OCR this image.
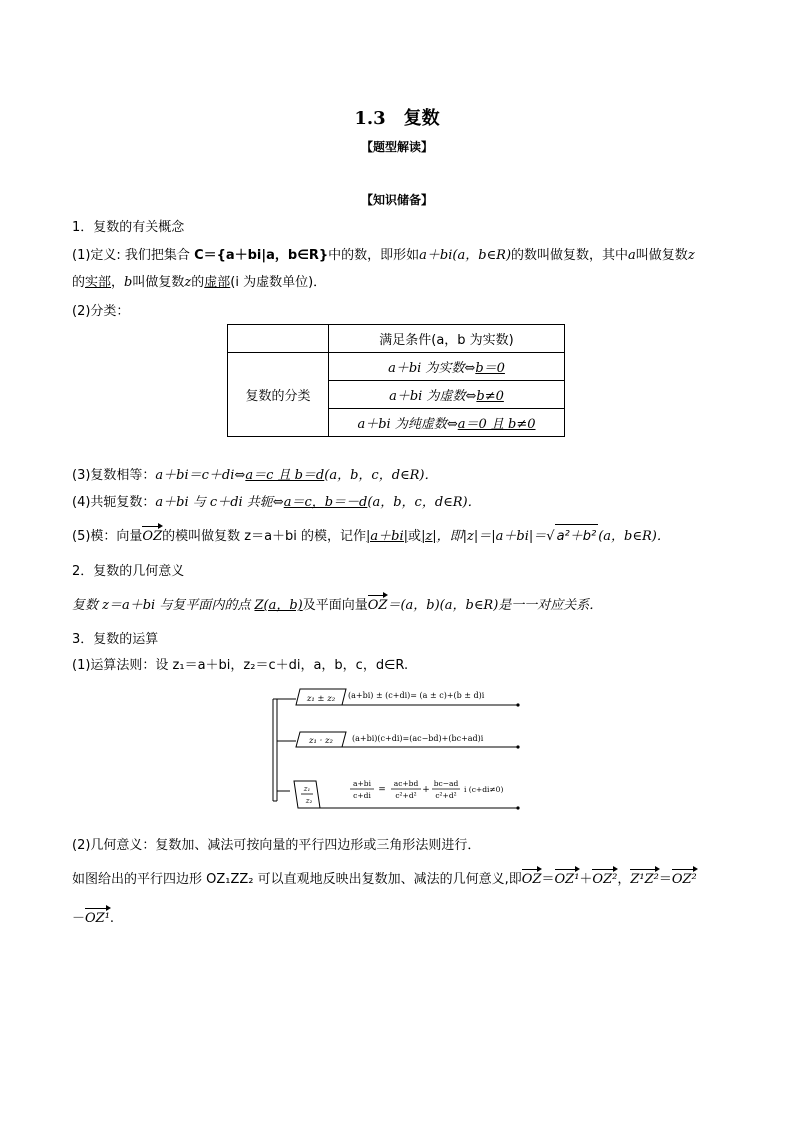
1.3　复数
【题型解读】
【知识储备】
1．复数的有关概念
(1)定义: 我们把集合 C＝{a＋bi|a，b∈R}中的数，即形如a＋bi(a，b∈R)的数叫做复数，其中a叫做复数z
的实部，b叫做复数z的虚部(i 为虚数单位)．
(2)分类：
	满足条件(a，b 为实数)
复数的分类	a＋bi 为实数⇔b＝0
	a＋bi 为虚数⇔b≠0
	a＋bi 为纯虚数⇔a＝0 且 b≠0
(3)复数相等：a＋bi＝c＋di⇔a＝c 且 b＝d(a，b，c，d∈R)．
(4)共轭复数：a＋bi 与 c＋di 共轭⇔a＝c，b＝－d(a，b，c，d∈R)．
(5)模：向量OZ的模叫做复数 z＝a＋bi 的模，记作|a＋bi|或|z|，即|z|＝|a＋bi|＝√ a²＋b² (a，b∈R)．
2．复数的几何意义
复数 z＝a＋bi 与复平面内的点 Z(a，b)及平面向量OZ＝(a，b)(a，b∈R)是一一对应关系．
3．复数的运算
(1)运算法则：设 z₁＝a＋bi，z₂＝c＋di，a，b，c，d∈R.
z₁ ± z₂ (a+bi) ± (c+di)= (a ± c)+(b ± d)i
z₁ · z₂ (a+bi)(c+di)=(ac−bd)+(bc+ad)i
z₁
z₂
a+bi
c+di
=
ac+bd
c²+d²
+
bc−ad
c²+d²
i (c+di≠0)
(2)几何意义：复数加、减法可按向量的平行四边形或三角形法则进行．
如图给出的平行四边形 OZ₁ZZ₂ 可以直观地反映出复数加、减法的几何意义,即OZ＝OZ¹＋OZ²，Z¹Z²＝OZ²
－OZ¹.
